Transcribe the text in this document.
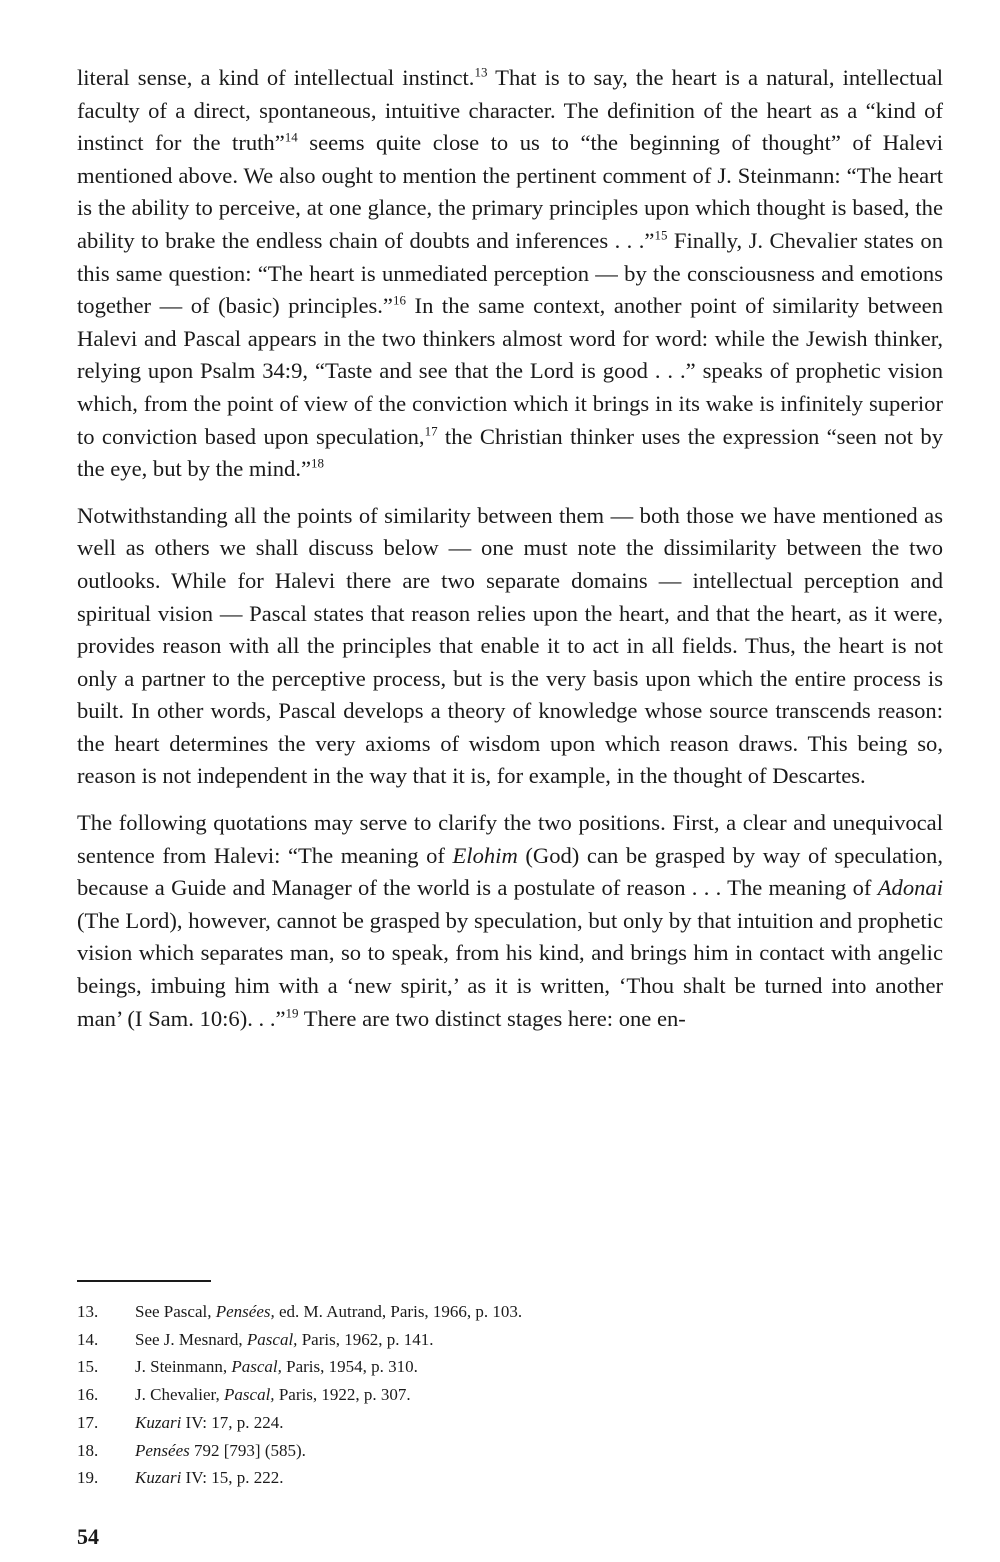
literal sense, a kind of intellectual instinct.$^{13}$ That is to say, the heart is a natural, intellectual faculty of a direct, spontaneous, intuitive character. The definition of the heart as a “kind of instinct for the truth”$^{14}$ seems quite close to us to “the beginning of thought” of Halevi mentioned above. We also ought to mention the pertinent comment of J. Steinmann: “The heart is the ability to perceive, at one glance, the primary principles upon which thought is based, the ability to brake the endless chain of doubts and inferences . . .”$^{15}$ Finally, J. Chevalier states on this same question: “The heart is unmediated perception — by the consciousness and emotions together — of (basic) principles.”$^{16}$ In the same context, another point of similarity between Halevi and Pascal appears in the two thinkers almost word for word: while the Jewish thinker, relying upon Psalm 34:9, “Taste and see that the Lord is good . . .” speaks of prophetic vision which, from the point of view of the conviction which it brings in its wake is infinitely superior to conviction based upon speculation,$^{17}$ the Christian thinker uses the expression “seen not by the eye, but by the mind.”$^{18}$

Notwithstanding all the points of similarity between them — both those we have mentioned as well as others we shall discuss below — one must note the dissimilarity between the two outlooks. While for Halevi there are two separate domains — intellectual perception and spiritual vision — Pascal states that reason relies upon the heart, and that the heart, as it were, provides reason with all the principles that enable it to act in all fields. Thus, the heart is not only a partner to the perceptive process, but is the very basis upon which the entire process is built. In other words, Pascal develops a theory of knowledge whose source transcends reason: the heart determines the very axioms of wisdom upon which reason draws. This being so, reason is not independent in the way that it is, for example, in the thought of Descartes.

The following quotations may serve to clarify the two positions. First, a clear and unequivocal sentence from Halevi: “The meaning of Elohim (God) can be grasped by way of speculation, because a Guide and Manager of the world is a postulate of reason . . . The meaning of Adonai (The Lord), however, cannot be grasped by speculation, but only by that intuition and prophetic vision which separates man, so to speak, from his kind, and brings him in contact with angelic beings, imbuing him with a ‘new spirit,’ as it is written, ‘Thou shalt be turned into another man’ (I Sam. 10:6). . .”$^{19}$ There are two distinct stages here: one en-

13.	See Pascal, Pensées, ed. M. Autrand, Paris, 1966, p. 103.
14.	See J. Mesnard, Pascal, Paris, 1962, p. 141.
15.	J. Steinmann, Pascal, Paris, 1954, p. 310.
16.	J. Chevalier, Pascal, Paris, 1922, p. 307.
17.	Kuzari IV: 17, p. 224.
18.	Pensées 792 [793] (585).
19.	Kuzari IV: 15, p. 222.
54
